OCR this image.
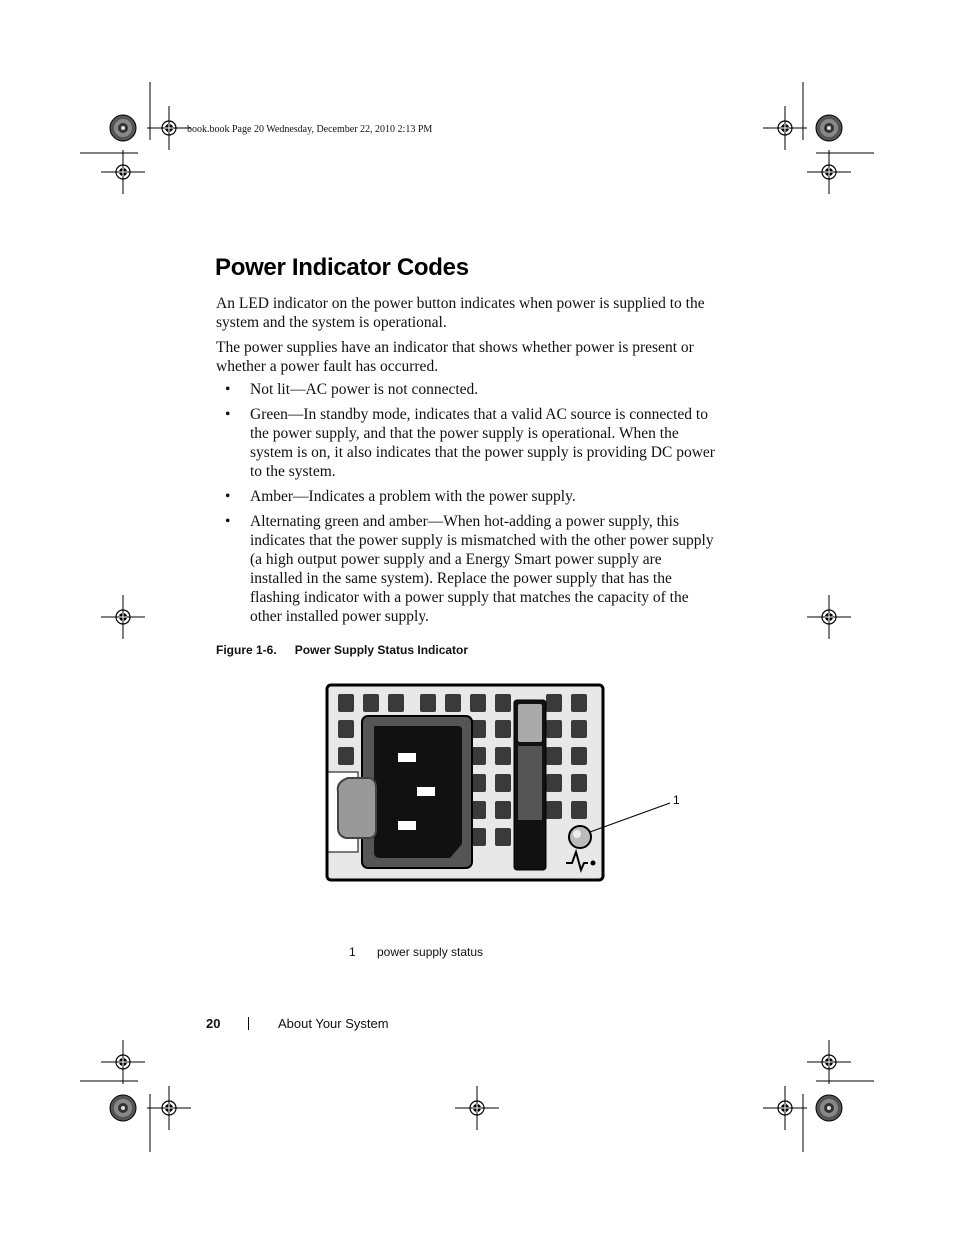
book.book Page 20 Wednesday, December 22, 2010 2:13 PM
Power Indicator Codes

An LED indicator on the power button indicates when power is supplied to the system and the system is operational.

The power supplies have an indicator that shows whether power is present or whether a power fault has occurred.

• Not lit—AC power is not connected.
• Green—In standby mode, indicates that a valid AC source is connected to the power supply, and that the power supply is operational. When the system is on, it also indicates that the power supply is providing DC power to the system.
• Amber—Indicates a problem with the power supply.
• Alternating green and amber—When hot-adding a power supply, this indicates that the power supply is mismatched with the other power supply (a high output power supply and a Energy Smart power supply are installed in the same system). Replace the power supply that has the flashing indicator with a power supply that matches the capacity of the other installed power supply.
Figure 1-6. Power Supply Status Indicator
1
1 power supply status
20	About Your System
